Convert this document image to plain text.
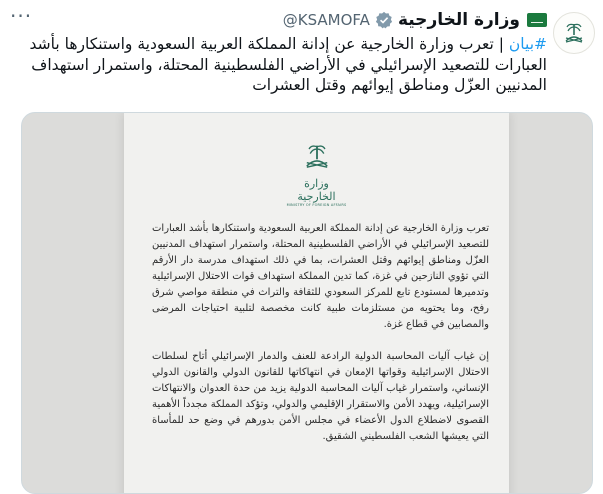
···	وزارة الخارجية
@KSAMOFA
#بيان | تعرب وزارة الخارجية عن إدانة المملكة العربية السعودية واستنكارها بأشد العبارات للتصعيد الإسرائيلي في الأراضي الفلسطينية المحتلة، واستمرار استهداف المدنيين العزّل ومناطق إيوائهم وقتل العشرات
وزارة الخارجية
MINISTRY OF FOREIGN AFFAIRS

تعرب وزارة الخارجية عن إدانة المملكة العربية السعودية واستنكارها بأشد العبارات للتصعيد الإسرائيلي في الأراضي الفلسطينية المحتلة، واستمرار استهداف المدنيين العزّل ومناطق إيوائهم وقتل العشرات، بما في ذلك استهداف مدرسة دار الأرقم التي تؤوي النازحين في غزة، كما تدين المملكة استهداف قوات الاحتلال الإسرائيلية وتدميرها لمستودع تابع للمركز السعودي للثقافة والتراث في منطقة مواصي شرق رفح، وما يحتويه من مستلزمات طبية كانت مخصصة لتلبية احتياجات المرضى والمصابين في قطاع غزة.

إن غياب آليات المحاسبة الدولية الرادعة للعنف والدمار الإسرائيلي أتاح لسلطات الاحتلال الإسرائيلية وقواتها الإمعان في انتهاكاتها للقانون الدولي والقانون الدولي الإنساني، واستمرار غياب آليات المحاسبة الدولية يزيد من حدة العدوان والانتهاكات الإسرائيلية، ويهدد الأمن والاستقرار الإقليمي والدولي، وتؤكد المملكة مجدداً الأهمية القصوى لاضطلاع الدول الأعضاء في مجلس الأمن بدورهم في وضع حد للمأساة التي يعيشها الشعب الفلسطيني الشقيق.
